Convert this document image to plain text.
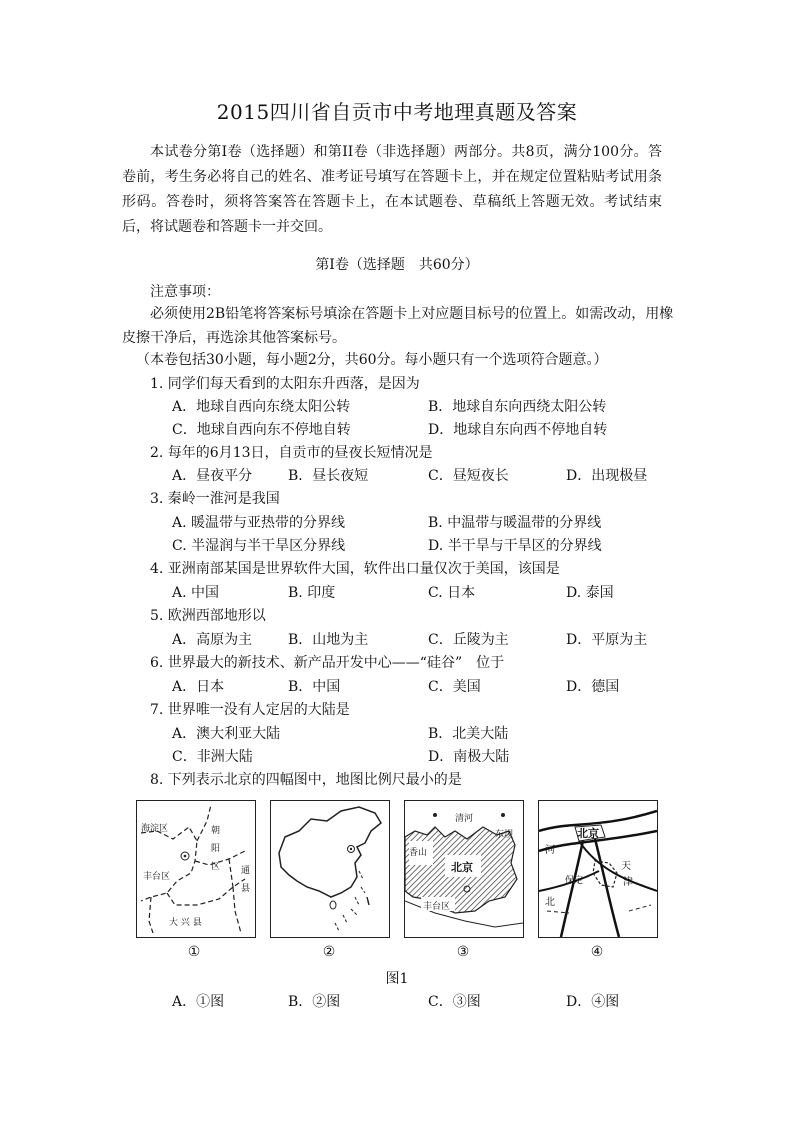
2015四川省自贡市中考地理真题及答案
本试卷分第Ⅰ卷（选择题）和第II卷（非选择题）两部分。共8页，满分100分。答卷前，考生务必将自己的姓名、准考证号填写在答题卡上，并在规定位置粘贴考试用条形码。答卷时，须将答案答在答题卡上，在本试题卷、草稿纸上答题无效。考试结束后，将试题卷和答题卡一并交回。
第Ⅰ卷（选择题　共60分）
注意事项：
必须使用2B铅笔将答案标号填涂在答题卡上对应题目标号的位置上。如需改动，用橡
皮擦干净后，再选涂其他答案标号。
（本卷包括30小题，每小题2分，共60分。每小题只有一个选项符合题意。）
1. 同学们每天看到的太阳东升西落，是因为
A．地球自西向东绕太阳公转	B．地球自东向西绕太阳公转
C．地球自西向东不停地自转	D．地球自东向西不停地自转
2. 每年的6月13日，自贡市的昼夜长短情况是
A．昼夜平分	B．昼长夜短	C．昼短夜长	D．出现极昼
3. 秦岭一淮河是我国
A. 暖温带与亚热带的分界线	B. 中温带与暖温带的分界线
C. 半湿润与半干旱区分界线	D. 半干旱与干旱区的分界线
4. 亚洲南部某国是世界软件大国，软件出口量仅次于美国，该国是
A. 中国	B. 印度	C. 日本	D. 泰国
5. 欧洲西部地形以
A．高原为主	B．山地为主	C．丘陵为主	D．平原为主
6. 世界最大的新技术、新产品开发中心——“硅谷”　位于
A．日本	B．中国	C．美国	D．德国
7. 世界唯一没有人定居的大陆是
A．澳大利亚大陆	B．北美大陆
C．非洲大陆	D．南极大陆
8. 下列表示北京的四幅图中，地图比例尺最小的是
海淀区	朝
阳
区 通
县
丰台区
大 兴 县
清河
东坝
香山
北京
丰台区
北京
河
天
津
保定
北
①	②	③	④
图1
A．①图	B．②图	C．③图	D．④图
